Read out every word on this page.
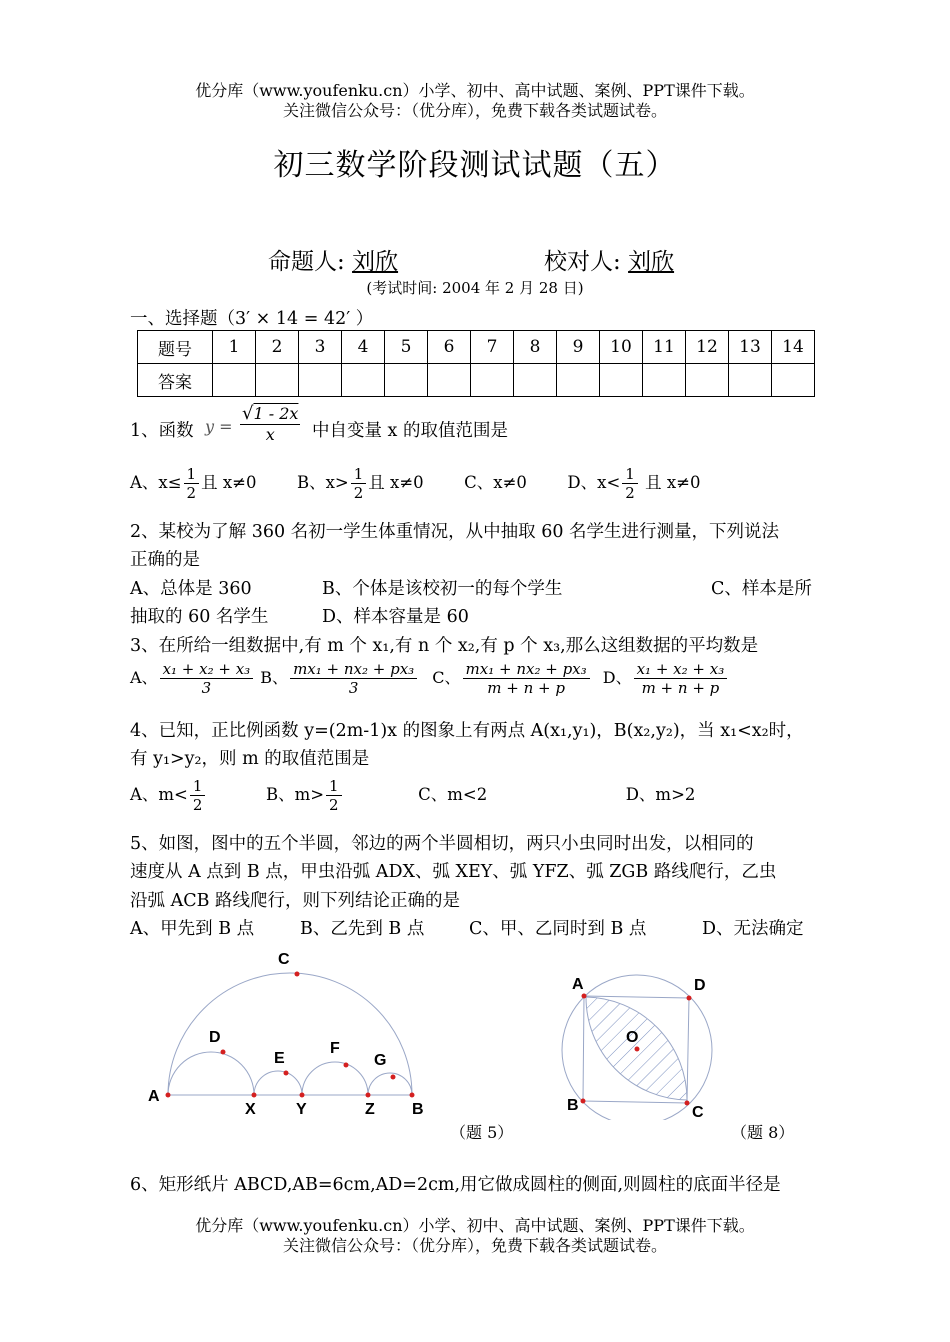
优分库（www.youfenku.cn）小学、初中、高中试题、案例、PPT课件下载。
关注微信公众号：（优分库），免费下载各类试题试卷。
初三数学阶段测试试题（五）
命题人: 刘欣	校对人: 刘欣
(考试时间: 2004 年 2 月 28 日)
一、选择题（3′ × 14 = 42′ ）
题号	1	2	3	4	5	6	7	8	9	10	11	12	13	14
答案														
1、函数 y =
√1 - 2x
x	中自变量 x 的取值范围是
A、$x\le \frac{1}{2}$ 且 x≠0 B、$x> \frac{1}{2}$ 且 x≠0 C、x≠0 D、$x< \frac{1}{2}$ 且 x≠0
2、某校为了解 360 名初一学生体重情况，从中抽取 60 名学生进行测量，下列说法
正确的是
A、总体是 360	B、个体是该校初一的每个学生	C、样本是所
抽取的 60 名学生	D、样本容量是 60
3、在所给一组数据中,有 m 个 x₁,有 n 个 x₂,有 p 个 x₃,那么这组数据的平均数是
A、 $\frac{\text{x₁ + x₂ + x₃}}{3}$ B、 $\frac{\text{mx₁ + nx₂ + px₃}}{3}$ C、 $\frac{\text{mx₁ + nx₂ + px₃}}{m + n + p}$ D、 $\frac{\text{x₁ + x₂ + x₃}}{m + n + p}$
4、已知，正比例函数 y=(2m-1)x 的图象上有两点 A(x₁,y₁)，B(x₂,y₂)，当 x₁<x₂时，
有 y₁>y₂，则 m 的取值范围是
A、$m< \frac{1}{2}$	B、$m> \frac{1}{2}$	C、m<2	D、m>2
5、如图，图中的五个半圆，邻边的两个半圆相切，两只小虫同时出发，以相同的
速度从 A 点到 B 点，甲虫沿弧 ADX、弧 XEY、弧 YFZ、弧 ZGB 路线爬行，乙虫
沿弧 ACB 路线爬行，则下列结论正确的是
A、甲先到 B 点	B、乙先到 B 点	C、甲、乙同时到 B 点	D、无法确定
C
D
E
F
G
A
X	Y	Z B
（题 5）
A	D
O
B	C
（题 8）
6、矩形纸片 ABCD,AB=6cm,AD=2cm,用它做成圆柱的侧面,则圆柱的底面半径是
优分库（www.youfenku.cn）小学、初中、高中试题、案例、PPT课件下载。
关注微信公众号：（优分库），免费下载各类试题试卷。
